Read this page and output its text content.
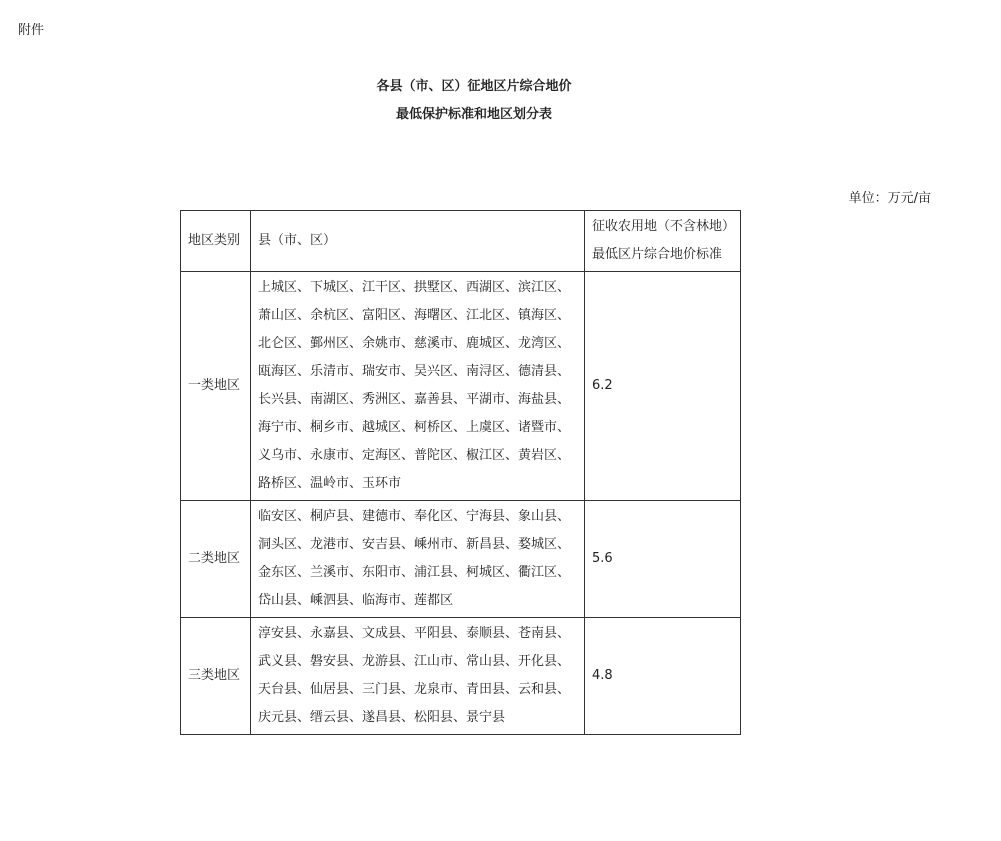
附件
各县（市、区）征地区片综合地价
最低保护标准和地区划分表
单位：万元/亩
地区类别	县（市、区）	征收农用地（不含林地）最低区片综合地价标准
一类地区	上城区、下城区、江干区、拱墅区、西湖区、滨江区、萧山区、余杭区、富阳区、海曙区、江北区、镇海区、北仑区、鄞州区、余姚市、慈溪市、鹿城区、龙湾区、瓯海区、乐清市、瑞安市、吴兴区、南浔区、德清县、长兴县、南湖区、秀洲区、嘉善县、平湖市、海盐县、海宁市、桐乡市、越城区、柯桥区、上虞区、诸暨市、义乌市、永康市、定海区、普陀区、椒江区、黄岩区、路桥区、温岭市、玉环市	6.2
二类地区	临安区、桐庐县、建德市、奉化区、宁海县、象山县、洞头区、龙港市、安吉县、嵊州市、新昌县、婺城区、金东区、兰溪市、东阳市、浦江县、柯城区、衢江区、岱山县、嵊泗县、临海市、莲都区	5.6
三类地区	淳安县、永嘉县、文成县、平阳县、泰顺县、苍南县、武义县、磐安县、龙游县、江山市、常山县、开化县、天台县、仙居县、三门县、龙泉市、青田县、云和县、庆元县、缙云县、遂昌县、松阳县、景宁县	4.8
